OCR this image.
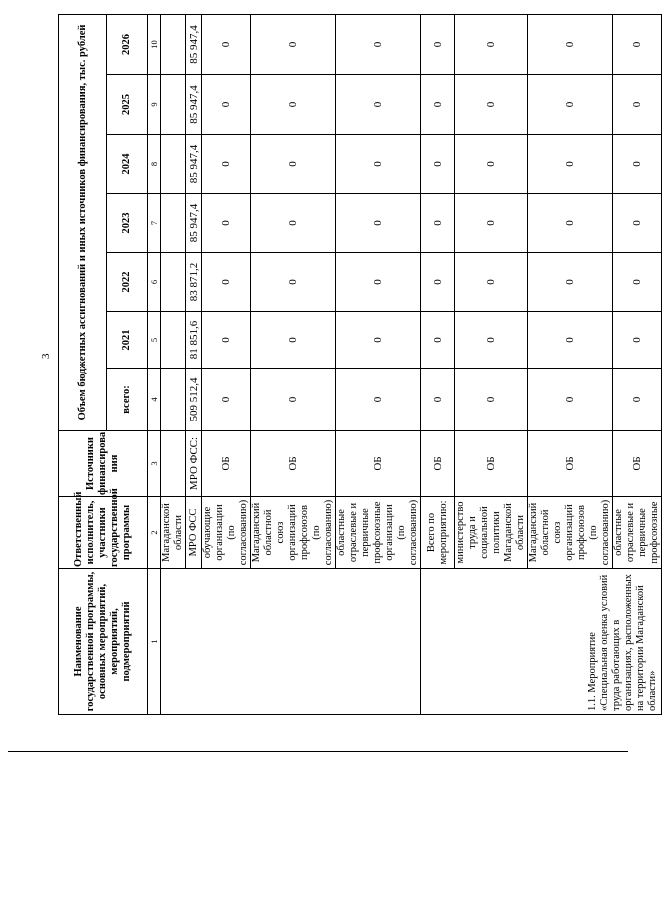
3
Наименование государственной программы, основных мероприятий, мероприятий, подмероприятий	Ответственный исполнитель, участники государственной программы	Источники финансирова ния	Объем бюджетных ассигнований и иных источников финансирования, тыс. рублей						
			всего:	2021	2022	2023	2024	2025	2026
1	2	3	4	5	6	7	8	9	10
	Магаданской области								
	МРО ФСС	МРО ФСС:	509 512,4	81 851,6	83 871,2	85 947,4	85 947,4	85 947,4	85 947,4
	обучающие организации (по согласованию)	ОБ	0	0	0	0	0	0	0
	Магаданский областной союз организаций профсоюзов (по согласованию)	ОБ	0	0	0	0	0	0	0
	областные отраслевые и первичные профсоюзные организации (по согласованию)	ОБ	0	0	0	0	0	0	0
1.1. Мероприятие «Специальная оценка условий труда работающих в организациях, расположенных на территории Магаданской области»	Всего по мероприятию:	ОБ	0	0	0	0	0	0	0
	министерство труда и социальной политики Магаданской области	ОБ	0	0	0	0	0	0	0
	Магаданский областной союз организаций профсоюзов (по согласованию)	ОБ	0	0	0	0	0	0	0
	областные отраслевые и первичные профсоюзные	ОБ	0	0	0	0	0	0	0
